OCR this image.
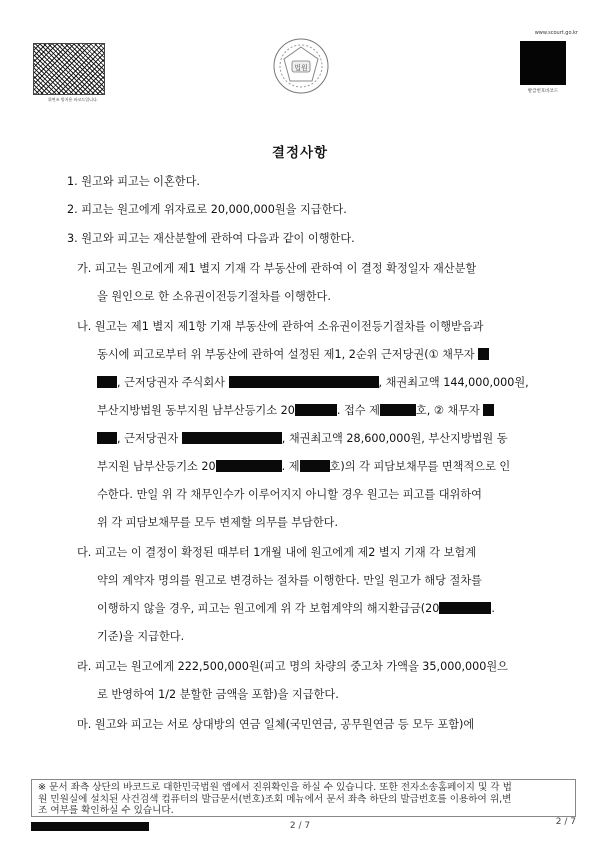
위변조 방지용 바코드입니다.
법원
www.scourt.go.kr
발급번호바코드
결정사항
1. 원고와 피고는 이혼한다.
2. 피고는 원고에게 위자료로 20,000,000원을 지급한다.
3. 원고와 피고는 재산분할에 관하여 다음과 같이 이행한다.
가. 피고는 원고에게 제1 별지 기재 각 부동산에 관하여 이 결정 확정일자 재산분할
을 원인으로 한 소유권이전등기절차를 이행한다.
나. 원고는 제1 별지 제1항 기재 부동산에 관하여 소유권이전등기절차를 이행받음과
동시에 피고로부터 위 부동산에 관하여 설정된 제1, 2순위 근저당권(① 채무자
, 근저당권자 주식회사	, 채권최고액 144,000,000원,
부산지방법원 동부지원 남부산등기소 20	. 접수 제	호, ② 채무자
, 근저당권자	, 채권최고액 28,600,000원, 부산지방법원 동
부지원 남부산등기소 20	. 제	호)의 각 피담보채무를 면책적으로 인
수한다. 만일 위 각 채무인수가 이루어지지 아니할 경우 원고는 피고를 대위하여
위 각 피담보채무를 모두 변제할 의무를 부담한다.
다. 피고는 이 결정이 확정된 때부터 1개월 내에 원고에게 제2 별지 기재 각 보험계
약의 계약자 명의를 원고로 변경하는 절차를 이행한다. 만일 원고가 해당 절차를
이행하지 않을 경우, 피고는 원고에게 위 각 보험계약의 해지환급금(20	.
기준)을 지급한다.
라. 피고는 원고에게 222,500,000원(피고 명의 차량의 중고차 가액을 35,000,000원으
로 반영하여 1/2 분할한 금액을 포함)을 지급한다.
마. 원고와 피고는 서로 상대방의 연금 일체(국민연금, 공무원연금 등 모두 포함)에
※ 문서 좌측 상단의 바코드로 대한민국법원 앱에서 진위확인을 하실 수 있습니다. 또한 전자소송홈페이지 및 각 법
원 민원실에 설치된 사건검색 컴퓨터의 발급문서(번호)조회 메뉴에서 문서 좌측 하단의 발급번호를 이용하여 위,변
조 여부를 확인하실 수 있습니다.
2 / 7	2 / 7
